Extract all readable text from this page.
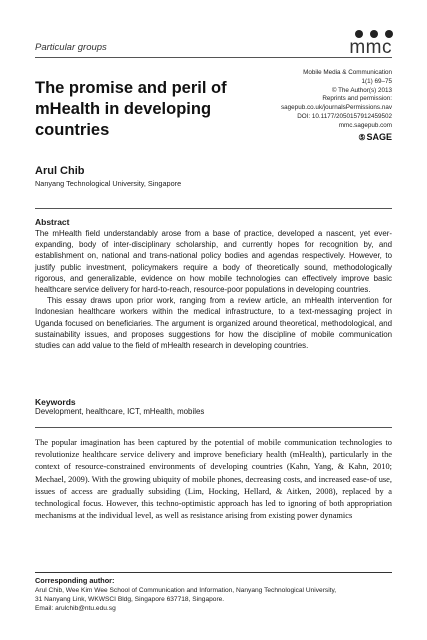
Particular groups	mmc
The promise and peril of mHealth in developing countries
Mobile Media & Communication
1(1) 69–75
© The Author(s) 2013
Reprints and permission:
sagepub.co.uk/journalsPermissions.nav
DOI: 10.1177/2050157912459502
mmc.sagepub.com
⑤SAGE
Arul Chib
Nanyang Technological University, Singapore
Abstract

The mHealth field understandably arose from a base of practice, developed a nascent, yet ever-expanding, body of inter-disciplinary scholarship, and currently hopes for recognition by, and establishment on, national and trans-national policy bodies and agendas respectively. However, to justify public investment, policymakers require a body of theoretically sound, methodologically rigorous, and generalizable, evidence on how mobile technologies can effectively improve basic healthcare service delivery for hard-to-reach, resource-poor populations in developing countries.

This essay draws upon prior work, ranging from a review article, an mHealth intervention for Indonesian healthcare workers within the medical infrastructure, to a text-messaging project in Uganda focused on beneficiaries. The argument is organized around theoretical, methodological, and sustainability issues, and proposes suggestions for how the discipline of mobile communication studies can add value to the field of mHealth research in developing countries.

Keywords
Development, healthcare, ICT, mHealth, mobiles

The popular imagination has been captured by the potential of mobile communication technologies to revolutionize healthcare service delivery and improve beneficiary health (mHealth), particularly in the context of resource-constrained environments of developing countries (Kahn, Yang, & Kahn, 2010; Mechael, 2009). With the growing ubiquity of mobile phones, decreasing costs, and increased ease-of use, issues of access are gradually subsiding (Lim, Hocking, Hellard, & Aitken, 2008), replaced by a technological focus. However, this techno-optimistic approach has led to ignoring of both appropriation mechanisms at the individual level, as well as resistance arising from existing power dynamics

Corresponding author:
Arul Chib, Wee Kim Wee School of Communication and Information, Nanyang Technological University,
31 Nanyang Link, WKWSCI Bldg, Singapore 637718, Singapore.
Email: arulchib@ntu.edu.sg
